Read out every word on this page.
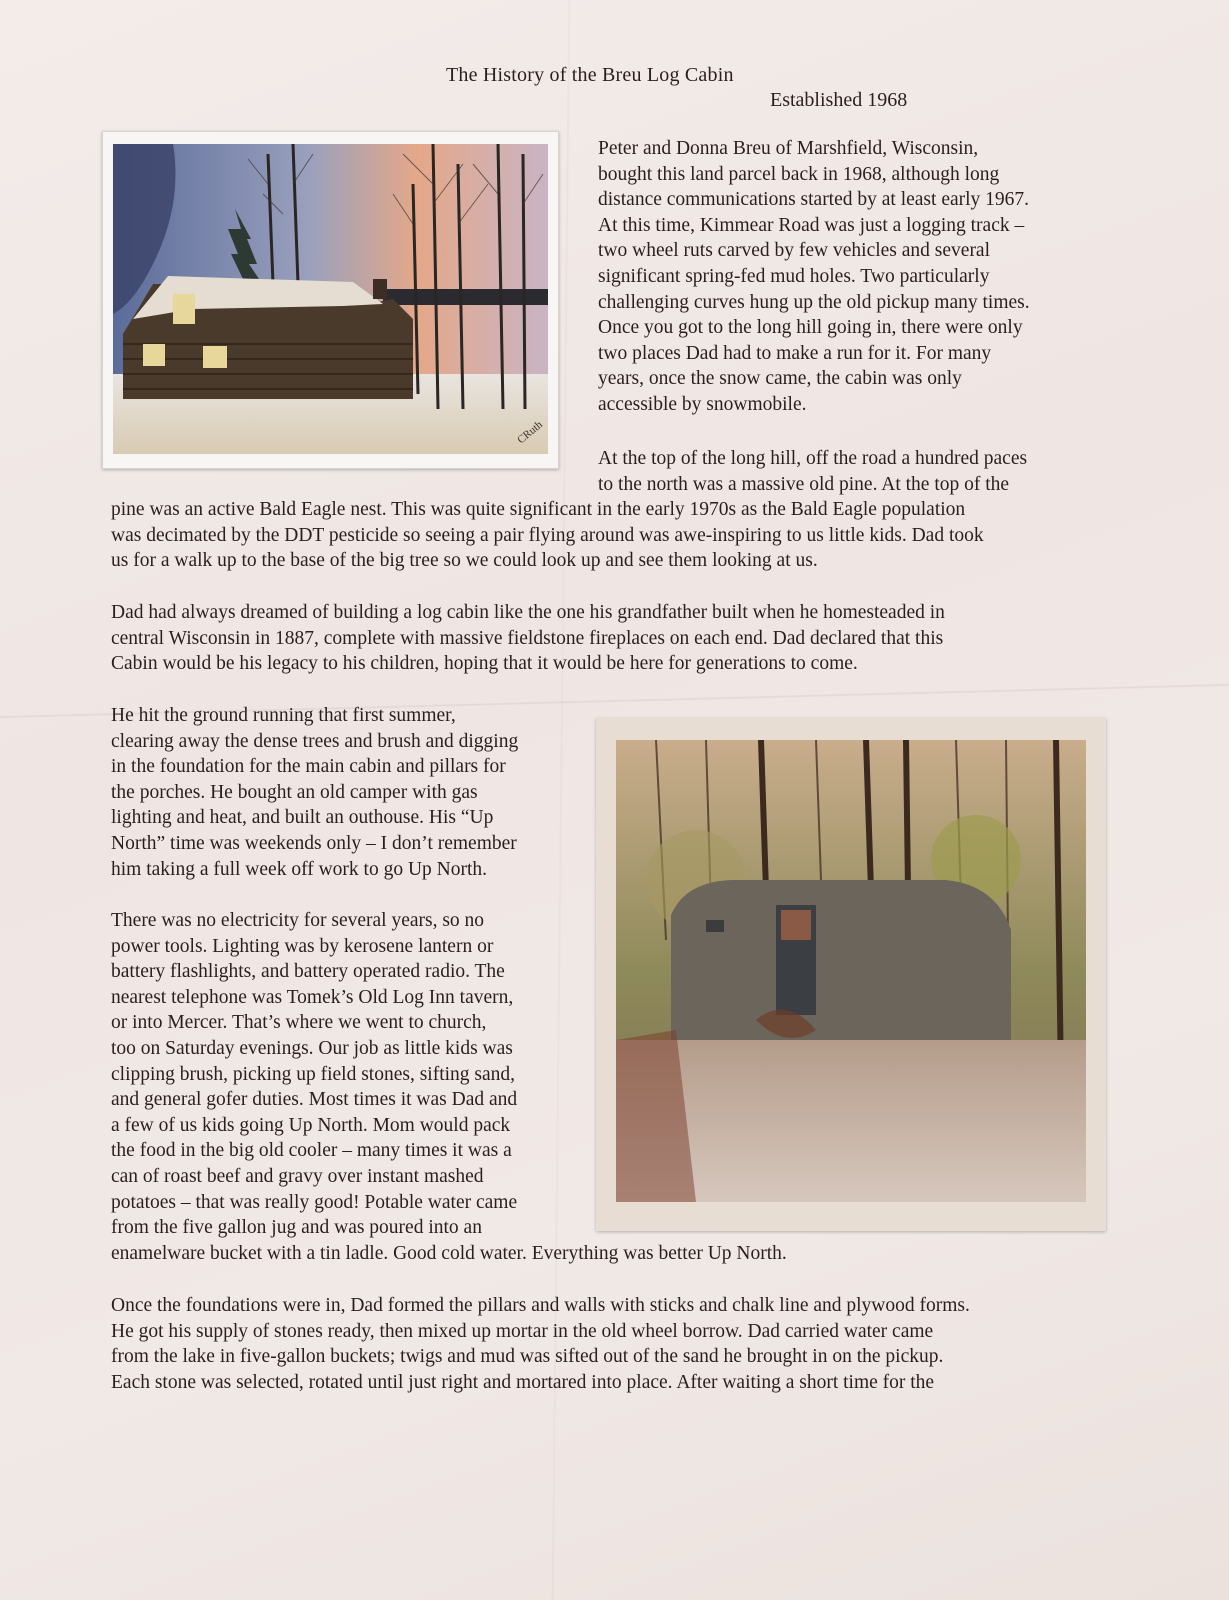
The History of the Breu Log Cabin
Established 1968
CRuth
Peter and Donna Breu of Marshfield, Wisconsin,
bought this land parcel back in 1968, although long
distance communications started by at least early 1967.
At this time, Kimmear Road was just a logging track –
two wheel ruts carved by few vehicles and several
significant spring-fed mud holes. Two particularly
challenging curves hung up the old pickup many times.
Once you got to the long hill going in, there were only
two places Dad had to make a run for it. For many
years, once the snow came, the cabin was only
accessible by snowmobile.
At the top of the long hill, off the road a hundred paces
to the north was a massive old pine. At the top of the
pine was an active Bald Eagle nest. This was quite significant in the early 1970s as the Bald Eagle population
was decimated by the DDT pesticide so seeing a pair flying around was awe-inspiring to us little kids. Dad took
us for a walk up to the base of the big tree so we could look up and see them looking at us.
Dad had always dreamed of building a log cabin like the one his grandfather built when he homesteaded in
central Wisconsin in 1887, complete with massive fieldstone fireplaces on each end. Dad declared that this
Cabin would be his legacy to his children, hoping that it would be here for generations to come.
He hit the ground running that first summer,
clearing away the dense trees and brush and digging
in the foundation for the main cabin and pillars for
the porches. He bought an old camper with gas
lighting and heat, and built an outhouse. His “Up
North” time was weekends only – I don’t remember
him taking a full week off work to go Up North.
There was no electricity for several years, so no
power tools. Lighting was by kerosene lantern or
battery flashlights, and battery operated radio. The
nearest telephone was Tomek’s Old Log Inn tavern,
or into Mercer. That’s where we went to church,
too on Saturday evenings. Our job as little kids was
clipping brush, picking up field stones, sifting sand,
and general gofer duties. Most times it was Dad and
a few of us kids going Up North. Mom would pack
the food in the big old cooler – many times it was a
can of roast beef and gravy over instant mashed
potatoes – that was really good! Potable water came
from the five gallon jug and was poured into an
enamelware bucket with a tin ladle. Good cold water. Everything was better Up North.
Once the foundations were in, Dad formed the pillars and walls with sticks and chalk line and plywood forms.
He got his supply of stones ready, then mixed up mortar in the old wheel borrow. Dad carried water came
from the lake in five-gallon buckets; twigs and mud was sifted out of the sand he brought in on the pickup.
Each stone was selected, rotated until just right and mortared into place. After waiting a short time for the
